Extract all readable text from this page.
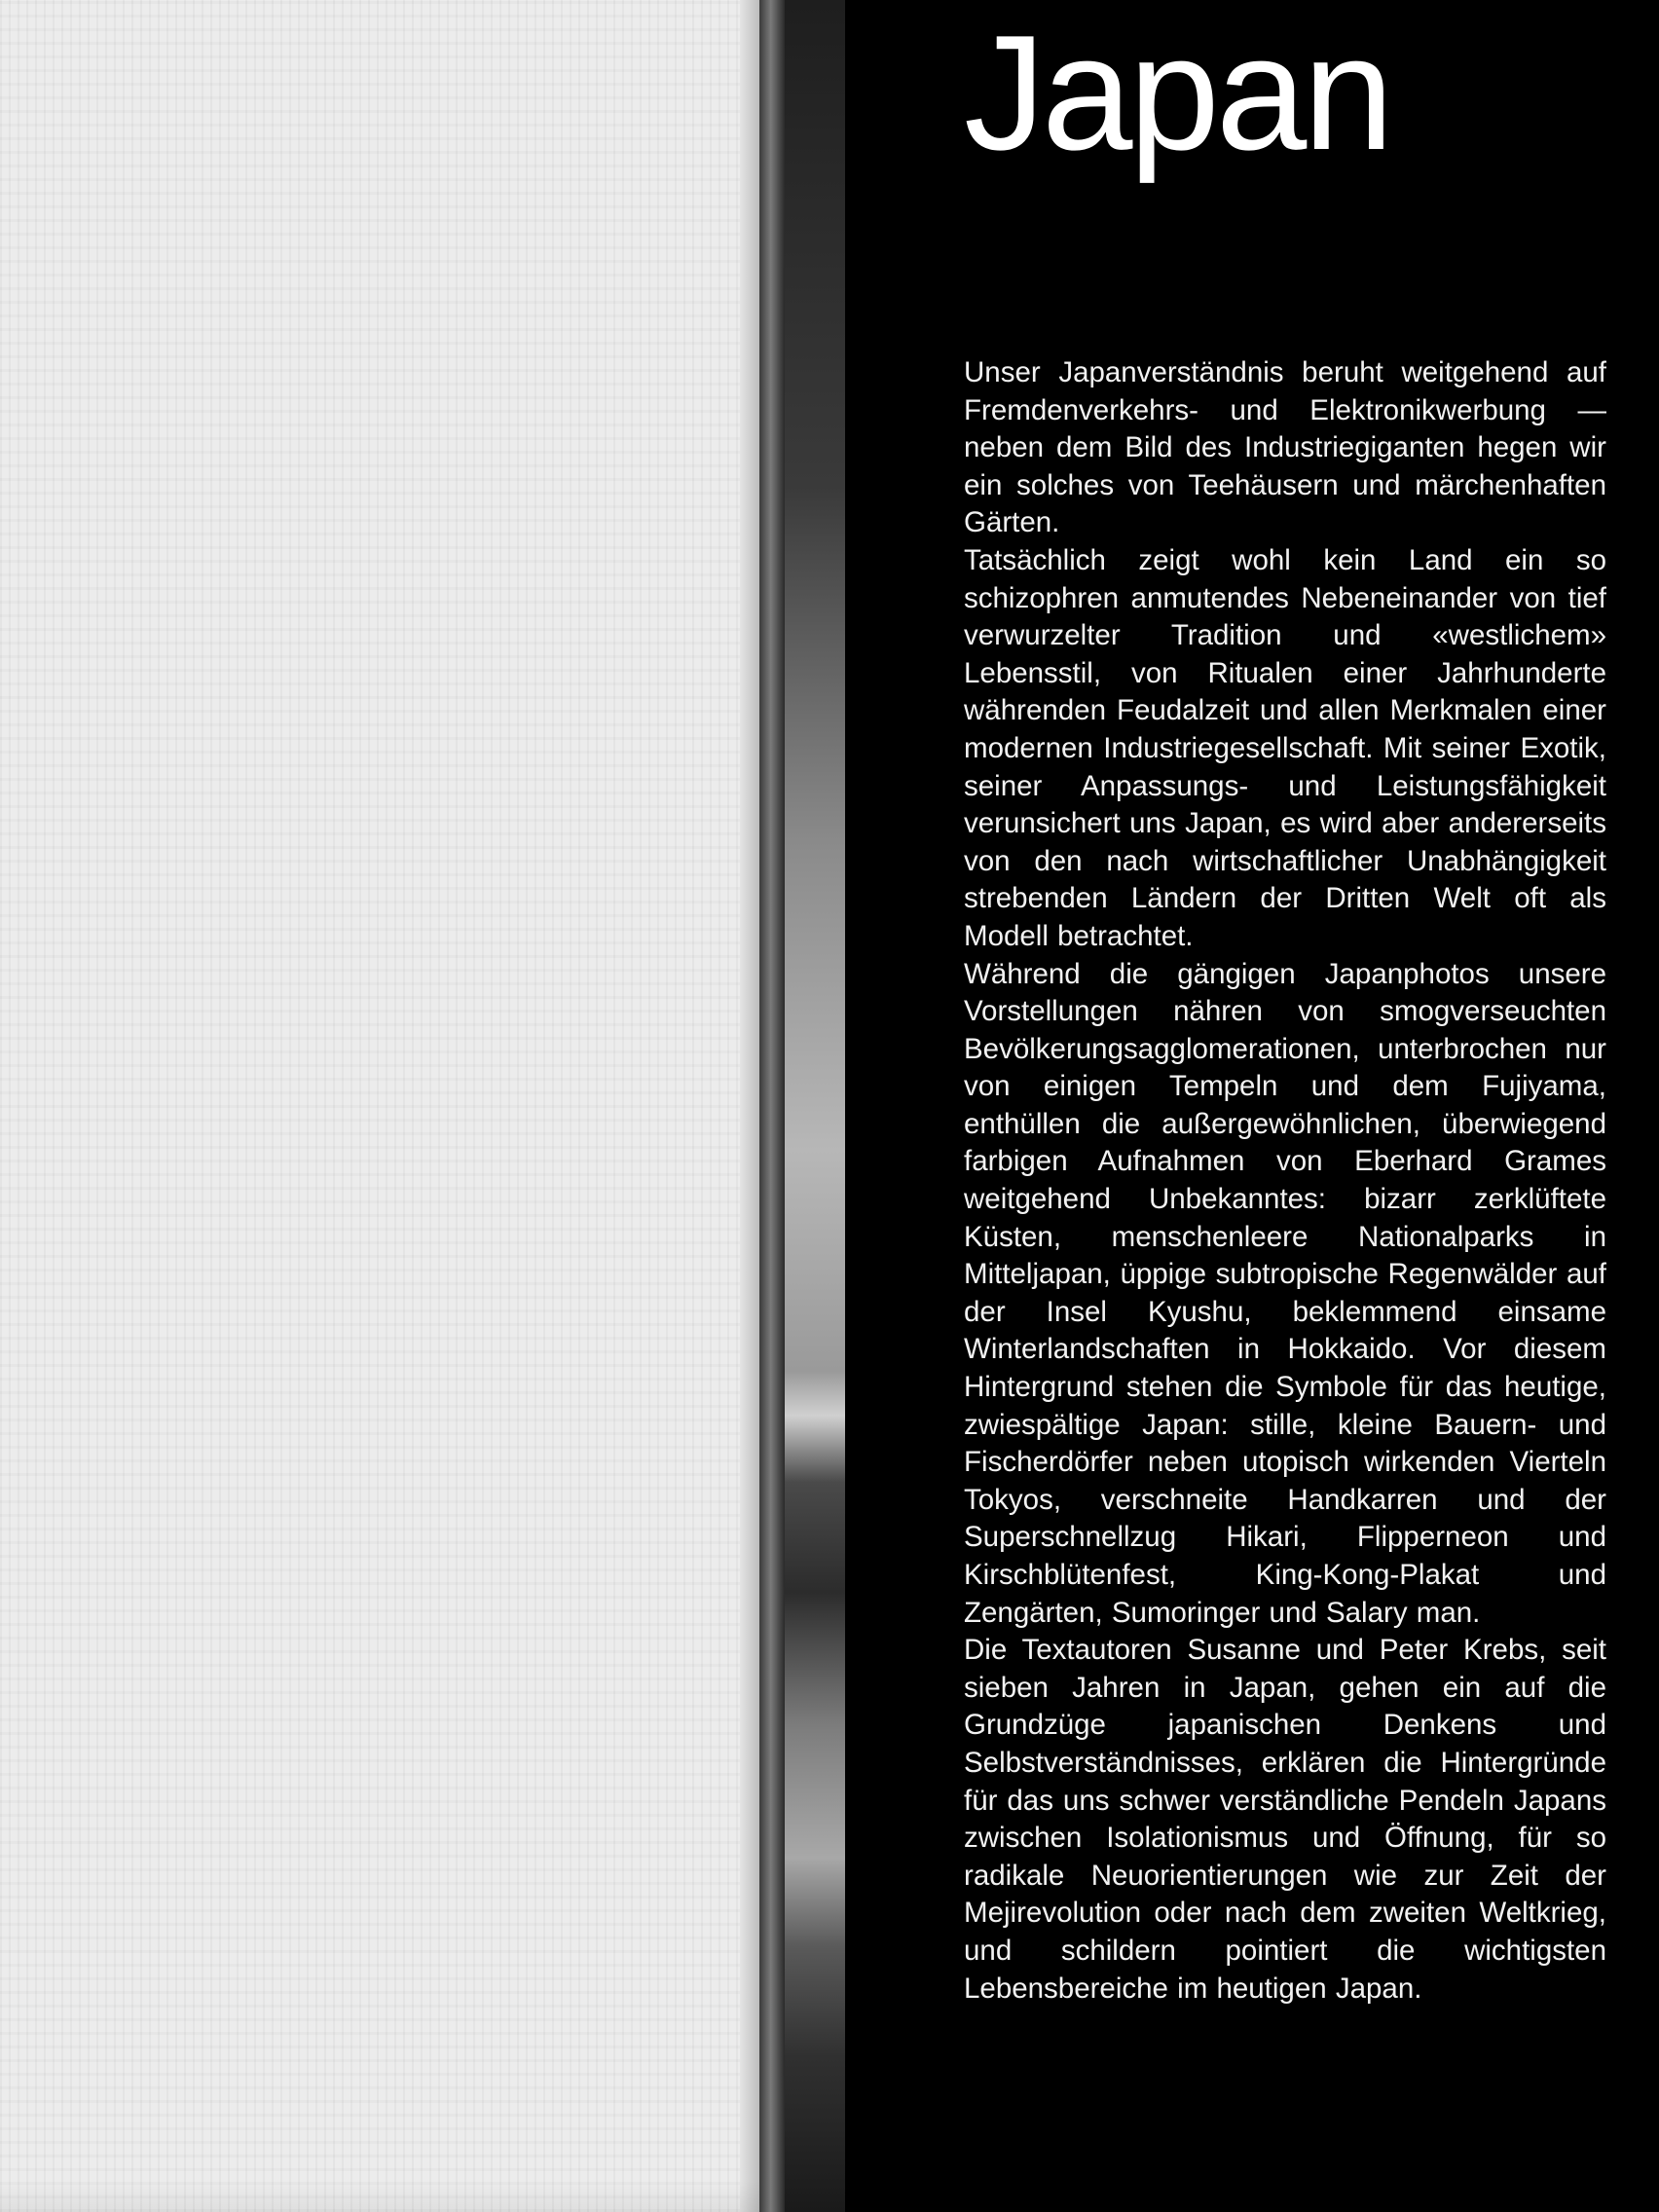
Japan

Unser Japanverständnis beruht weitgehend auf Fremdenverkehrs- und Elektronikwerbung — neben dem Bild des Industriegiganten hegen wir ein solches von Teehäusern und märchenhaften Gärten.

Tatsächlich zeigt wohl kein Land ein so schizophren anmutendes Nebeneinander von tief verwurzelter Tradition und «westlichem» Lebensstil, von Ritualen einer Jahrhunderte währenden Feudalzeit und allen Merkmalen einer modernen Industriegesellschaft. Mit seiner Exotik, seiner Anpassungs- und Leistungsfähigkeit verunsichert uns Japan, es wird aber andererseits von den nach wirtschaftlicher Unabhängigkeit strebenden Ländern der Dritten Welt oft als Modell betrachtet.

Während die gängigen Japanphotos unsere Vorstellungen nähren von smogverseuchten Bevölkerungsagglomerationen, unterbrochen nur von einigen Tempeln und dem Fujiyama, enthüllen die außergewöhnlichen, überwiegend farbigen Aufnahmen von Eberhard Grames weitgehend Unbekanntes: bizarr zerklüftete Küsten, menschenleere Nationalparks in Mitteljapan, üppige subtropische Regenwälder auf der Insel Kyushu, beklemmend einsame Winterlandschaften in Hokkaido. Vor diesem Hintergrund stehen die Symbole für das heutige, zwiespältige Japan: stille, kleine Bauern- und Fischerdörfer neben utopisch wirkenden Vierteln Tokyos, verschneite Handkarren und der Superschnellzug Hikari, Flipperneon und Kirschblütenfest, King-Kong-Plakat und Zengärten, Sumoringer und Salary man.

Die Textautoren Susanne und Peter Krebs, seit sieben Jahren in Japan, gehen ein auf die Grundzüge japanischen Denkens und Selbstverständnisses, erklären die Hintergründe für das uns schwer verständliche Pendeln Japans zwischen Isolationismus und Öffnung, für so radikale Neuorientierungen wie zur Zeit der Mejirevolution oder nach dem zweiten Weltkrieg, und schildern pointiert die wichtigsten Lebensbereiche im heutigen Japan.
